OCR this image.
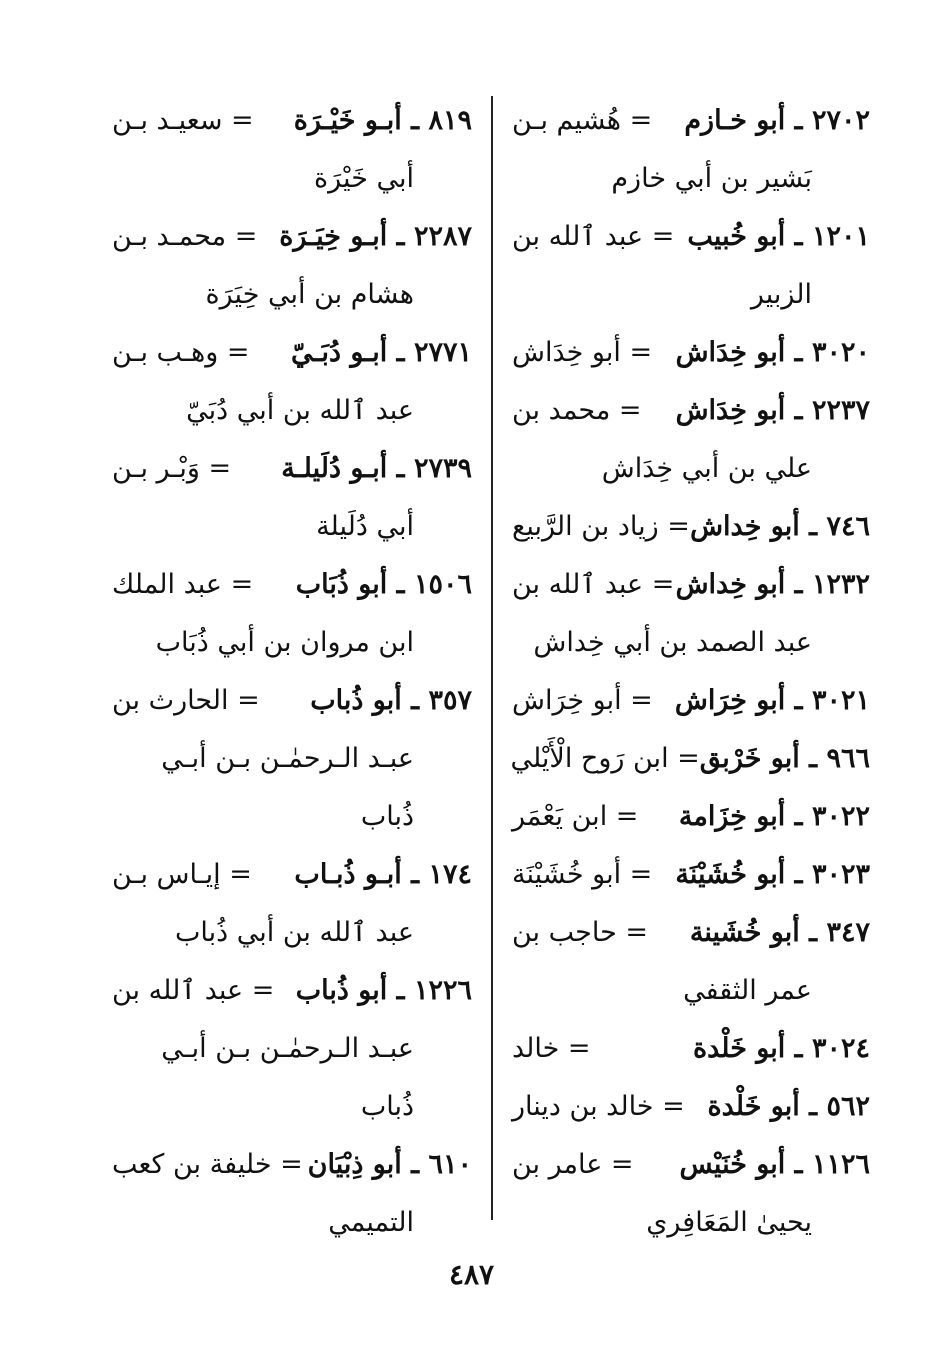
٢٧٠٢ ـ أبو خـازم
= هُشيم بـن
بَشير بن أبي خازم
١٢٠١ ـ أبو خُبيب
= عبد ٱلله بن
الزبير
٣٠٢٠ ـ أبو خِدَاش
= أبو خِدَاش
٢٢٣٧ ـ أبو خِدَاش
= محمد بن
علي بن أبي خِدَاش
٧٤٦ ـ أبو خِداش
= زياد بن الرَّبيع
١٢٣٢ ـ أبو خِداش
= عبد ٱلله بن
عبد الصمد بن أبي خِداش
٣٠٢١ ـ أبو خِرَاش
= أبو خِرَاش
٩٦٦ ـ أبو خَرْبق
= ابن رَوح الْأَيْلي
٣٠٢٢ ـ أبو خِزَامة
= ابن يَعْمَر
٣٠٢٣ ـ أبو خُشَيْنَة
= أبو خُشَيْنَة
٣٤٧ ـ أبو خُشَينة
= حاجب بن
عمر الثقفي
٣٠٢٤ ـ أبو خَلْدة
= خالد
٥٦٢ ـ أبو خَلْدة
= خالد بن دينار
١١٢٦ ـ أبو خُنَيْس
= عامر بن
يحيىٰ المَعَافِري
٨١٩ ـ أبـو خَيْـرَة
= سعيـد بـن
أبي خَيْرَة
٢٢٨٧ ـ أبـو خِيَـرَة
= محمـد بـن
هشام بن أبي خِيَرَة
٢٧٧١ ـ أبـو دُبَـيّ
= وهـب بـن
عبد ٱلله بن أبي دُبَيّ
٢٧٣٩ ـ أبـو دُلَيلـة
= وَبْـر بـن
أبي دُلَيلة
١٥٠٦ ـ أبو ذُبَاب
= عبد الملك
ابن مروان بن أبي ذُبَاب
٣٥٧ ـ أبو ذُباب
= الحارث بن
عبـد الـرحمٰـن بـن أبـي
ذُباب
١٧٤ ـ أبـو ذُبـاب
= إيـاس بـن
عبد ٱلله بن أبي ذُباب
١٢٢٦ ـ أبو ذُباب
= عبد ٱلله بن
عبـد الـرحمٰـن بـن أبـي
ذُباب
٦١٠ ـ أبو ذِبْيَان
= خليفة بن كعب
التميمي
٤٨٧
